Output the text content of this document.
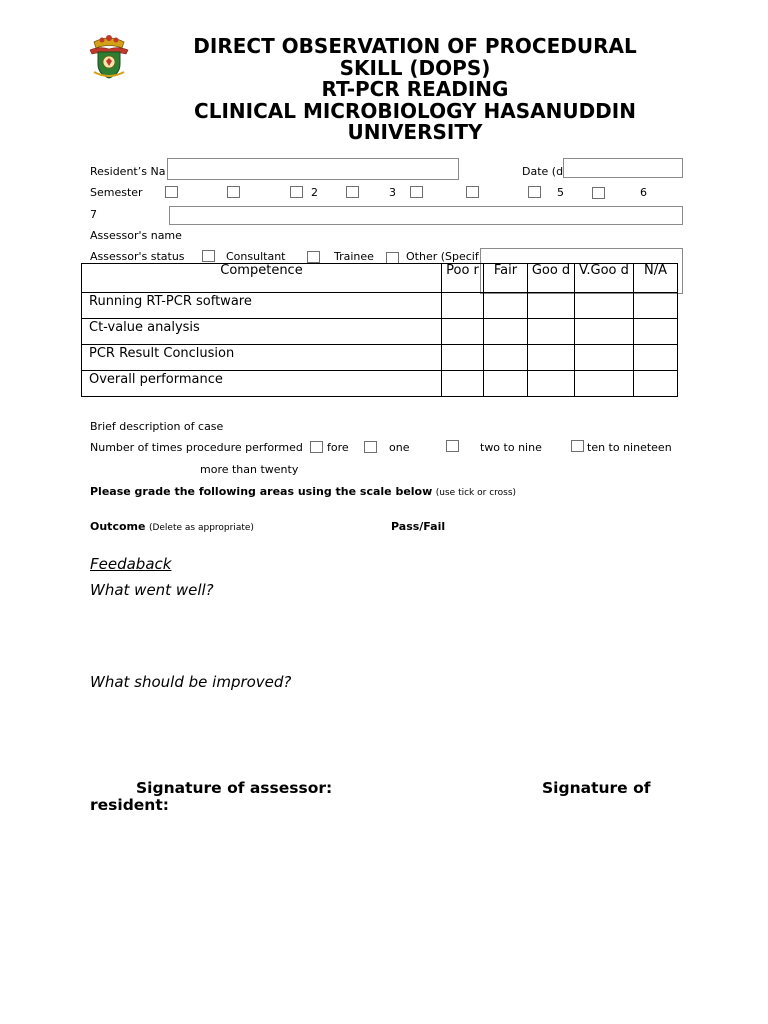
DIRECT OBSERVATION OF PROCEDURAL
SKILL (DOPS)
RT-PCR READING
CLINICAL MICROBIOLOGY HASANUDDIN
UNIVERSITY
Resident’s Na	Date (d
Semester	2	3	5	6
7
Assessor's name
Assessor's status	Consultant	Trainee	Other (Specif
Competence	Poo r	Fair	Goo d	V.Goo d	N/A
Running RT-PCR software					
Ct-value analysis					
PCR Result Conclusion					
Overall performance					
Brief description of case
Number of times procedure performed fore	one	two to nine	ten to nineteen
more than twenty
Please grade the following areas using the scale below (use tick or cross)
Outcome (Delete as appropriate)	Pass/Fail
Feedaback
What went well?
What should be improved?
Signature of assessor:	Signature of
resident:
